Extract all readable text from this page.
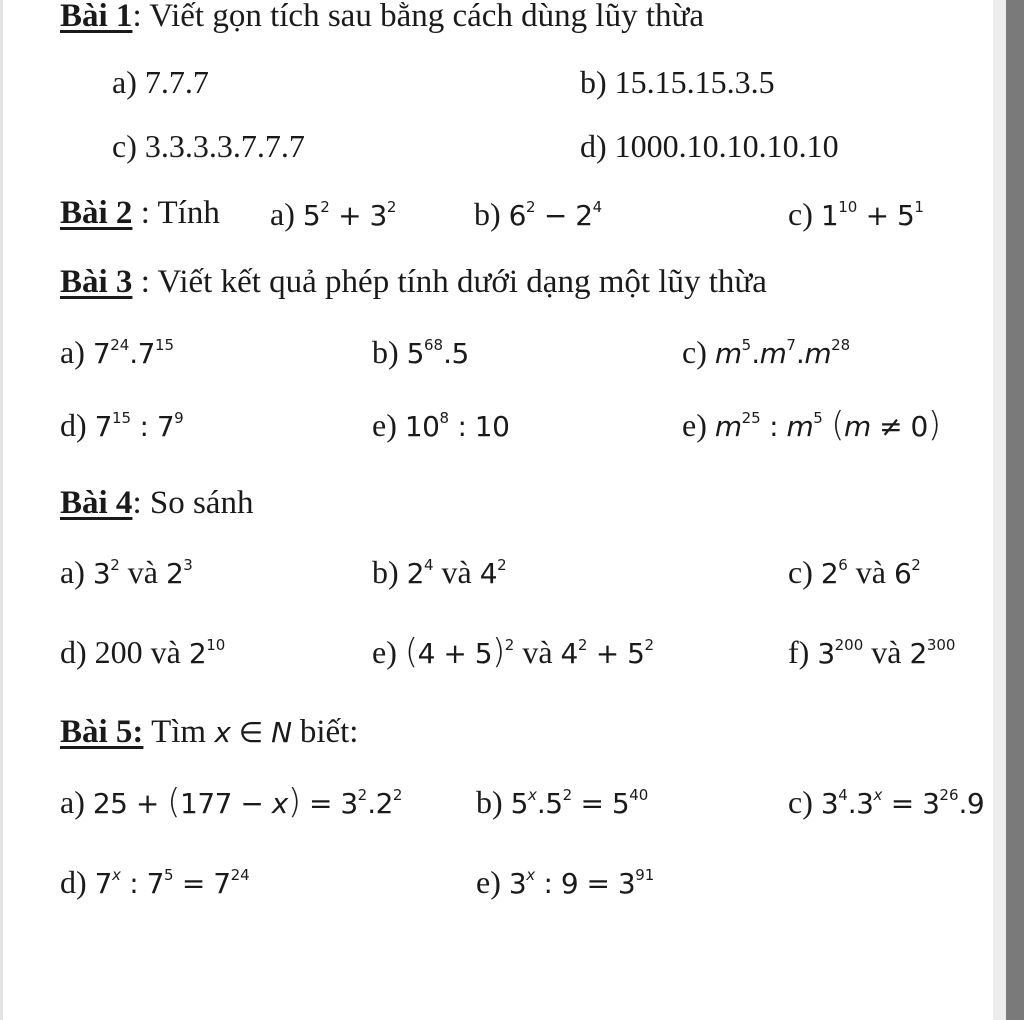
Bài 1: Viết gọn tích sau bằng cách dùng lũy thừa
a) 7.7.7	b) 15.15.15.3.5
c) 3.3.3.3.7.7.7	d) 1000.10.10.10.10
Bài 2 : Tính a) $5^2 + 3^2$ b) $6^2 - 2^4$	c) $1^{10} + 5^1$
Bài 3 : Viết kết quả phép tính dưới dạng một lũy thừa
a) $7^{24}.7^{15}$	b) $5^{68}.5$	c) $m^5.m^7.m^{28}$
d) $7^{15}$ : $7^9$	e) $10^8$ : 10	e) $m^{25}$ : $m^5$ (m ≠ 0)
Bài 4: So sánh
a) $3^2$ và $2^3$	b) $2^4$ và $4^2$	c) $2^6$ và $6^2$
d) 200 và $2^{10}$	e) $(4 + 5)^2$ và $4^2 + 5^2$	f) $3^{200}$ và $2^{300}$
Bài 5: Tìm x ∈ N biết:
a) $25 + (177 - x) = 3^2.2^2$ b) $5^x.5^2 = 5^{40}$	c) $3^4.3^x = 3^{26}.9$
d) 7$^x$ : $7^5 = 7^{24}$	e) 3$^x$ : $9 = 3^{91}$
